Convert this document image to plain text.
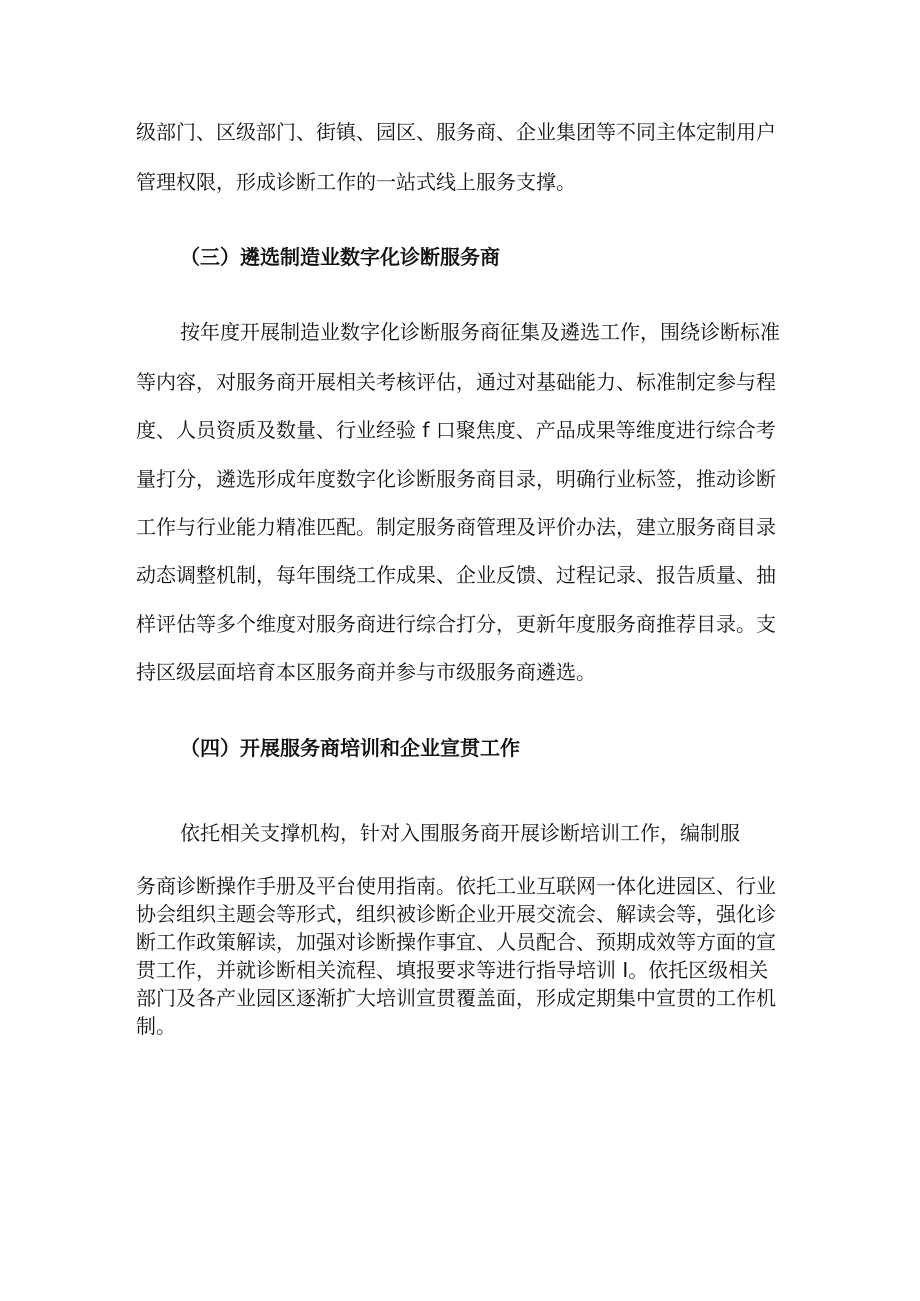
级部门、区级部门、街镇、园区、服务商、企业集团等不同主体定制用户
管理权限，形成诊断工作的一站式线上服务支撑。
（三）遴选制造业数字化诊断服务商
按年度开展制造业数字化诊断服务商征集及遴选工作，围绕诊断标准
等内容，对服务商开展相关考核评估，通过对基础能力、标准制定参与程
度、人员资质及数量、行业经验 f 口聚焦度、产品成果等维度进行综合考
量打分，遴选形成年度数字化诊断服务商目录，明确行业标签，推动诊断
工作与行业能力精准匹配。制定服务商管理及评价办法，建立服务商目录
动态调整机制，每年围绕工作成果、企业反馈、过程记录、报告质量、抽
样评估等多个维度对服务商进行综合打分，更新年度服务商推荐目录。支
持区级层面培育本区服务商并参与市级服务商遴选。
（四）开展服务商培训和企业宣贯工作
依托相关支撑机构，针对入围服务商开展诊断培训工作，编制服
务商诊断操作手册及平台使用指南。依托工业互联网一体化进园区、行业
协会组织主题会等形式，组织被诊断企业开展交流会、解读会等，强化诊
断工作政策解读，加强对诊断操作事宜、人员配合、预期成效等方面的宣
贯工作，并就诊断相关流程、填报要求等进行指导培训 I。依托区级相关
部门及各产业园区逐渐扩大培训宣贯覆盖面，形成定期集中宣贯的工作机
制。
